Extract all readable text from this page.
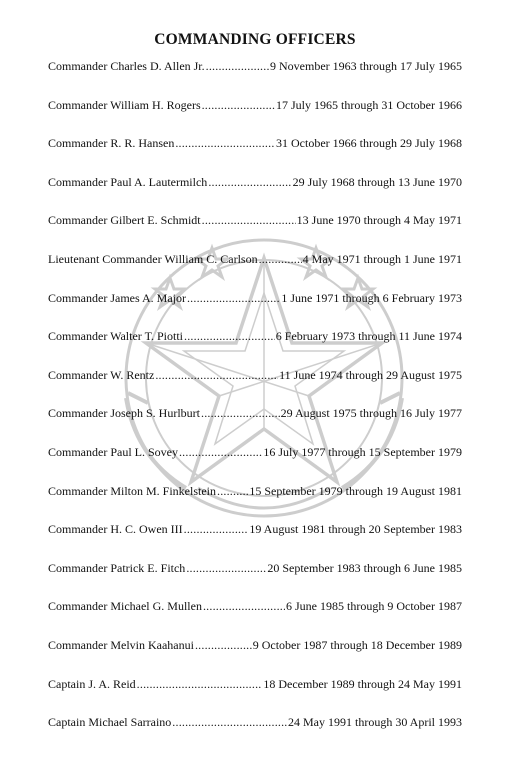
COMMANDING OFFICERS
Commander Charles D. Allen Jr. .....	9 November 1963 through 17 July 1965
Commander William H. Rogers .....	17 July 1965 through 31 October 1966
Commander R. R. Hansen .....	31 October 1966 through 29 July 1968
Commander Paul A. Lautermilch .....	29 July 1968 through 13 June 1970
Commander Gilbert E. Schmidt .....	13 June 1970 through 4 May 1971
Lieutenant Commander William C. Carlson .....	4 May 1971 through 1 June 1971
Commander James A. Major .....	1 June 1971 through 6 February 1973
Commander Walter T. Piotti .....	6 February 1973 through 11 June 1974
Commander W. Rentz .....	11 June 1974 through 29 August 1975
Commander Joseph S. Hurlburt .....	29 August 1975 through 16 July 1977
Commander Paul L. Sovey .....	16 July 1977 through 15 September 1979
Commander Milton M. Finkelstein .....	15 September 1979 through 19 August 1981
Commander H. C. Owen III .....	19 August 1981 through 20 September 1983
Commander Patrick E. Fitch .....	20 September 1983 through 6 June 1985
Commander Michael G. Mullen .....	6 June 1985 through 9 October 1987
Commander Melvin Kaahanui .....	9 October 1987 through 18 December 1989
Captain J. A. Reid .....	18 December 1989 through 24 May 1991
Captain Michael Sarraino .....	24 May 1991 through 30 April 1993
